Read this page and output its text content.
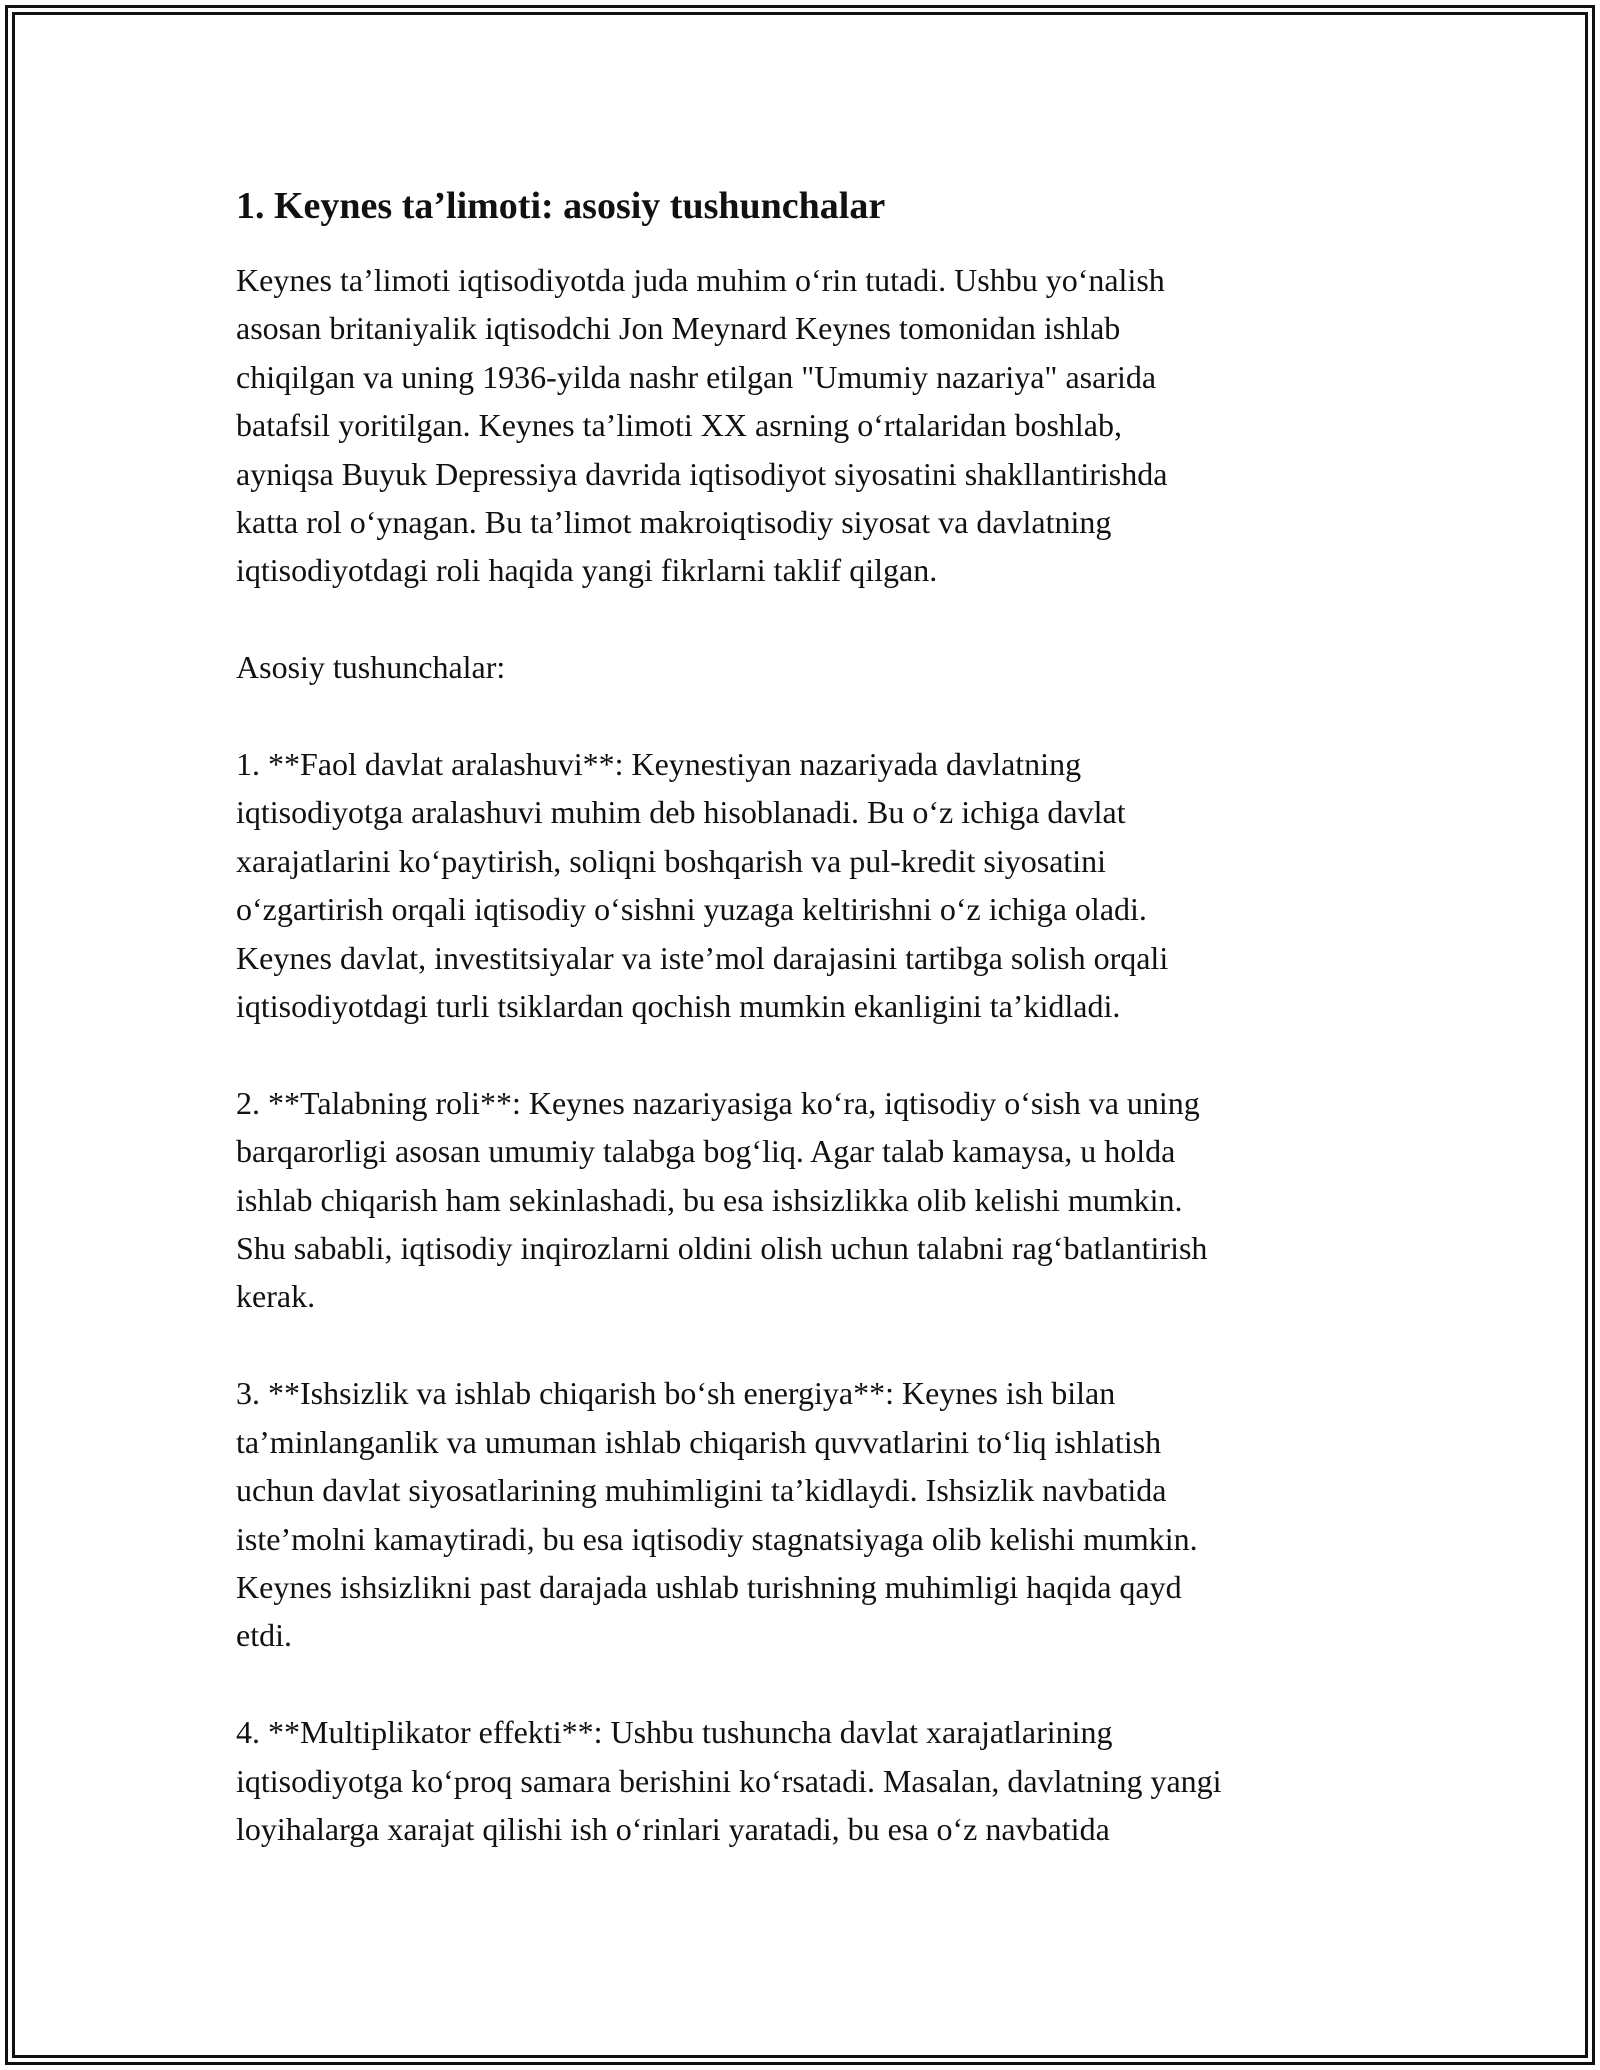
1. Keynes ta’limoti: asosiy tushunchalar

Keynes ta’limoti iqtisodiyotda juda muhim o‘rin tutadi. Ushbu yo‘nalish
asosan britaniyalik iqtisodchi Jon Meynard Keynes tomonidan ishlab
chiqilgan va uning 1936-yilda nashr etilgan "Umumiy nazariya" asarida
batafsil yoritilgan. Keynes ta’limoti XX asrning o‘rtalaridan boshlab,
ayniqsa Buyuk Depressiya davrida iqtisodiyot siyosatini shakllantirishda
katta rol o‘ynagan. Bu ta’limot makroiqtisodiy siyosat va davlatning
iqtisodiyotdagi roli haqida yangi fikrlarni taklif qilgan.

Asosiy tushunchalar:

1. **Faol davlat aralashuvi**: Keynestiyan nazariyada davlatning
iqtisodiyotga aralashuvi muhim deb hisoblanadi. Bu o‘z ichiga davlat
xarajatlarini ko‘paytirish, soliqni boshqarish va pul-kredit siyosatini
o‘zgartirish orqali iqtisodiy o‘sishni yuzaga keltirishni o‘z ichiga oladi.
Keynes davlat, investitsiyalar va iste’mol darajasini tartibga solish orqali
iqtisodiyotdagi turli tsiklardan qochish mumkin ekanligini ta’kidladi.

2. **Talabning roli**: Keynes nazariyasiga ko‘ra, iqtisodiy o‘sish va uning
barqarorligi asosan umumiy talabga bog‘liq. Agar talab kamaysa, u holda
ishlab chiqarish ham sekinlashadi, bu esa ishsizlikka olib kelishi mumkin.
Shu sababli, iqtisodiy inqirozlarni oldini olish uchun talabni rag‘batlantirish
kerak.

3. **Ishsizlik va ishlab chiqarish bo‘sh energiya**: Keynes ish bilan
ta’minlanganlik va umuman ishlab chiqarish quvvatlarini to‘liq ishlatish
uchun davlat siyosatlarining muhimligini ta’kidlaydi. Ishsizlik navbatida
iste’molni kamaytiradi, bu esa iqtisodiy stagnatsiyaga olib kelishi mumkin.
Keynes ishsizlikni past darajada ushlab turishning muhimligi haqida qayd
etdi.

4. **Multiplikator effekti**: Ushbu tushuncha davlat xarajatlarining
iqtisodiyotga ko‘proq samara berishini ko‘rsatadi. Masalan, davlatning yangi
loyihalarga xarajat qilishi ish o‘rinlari yaratadi, bu esa o‘z navbatida
